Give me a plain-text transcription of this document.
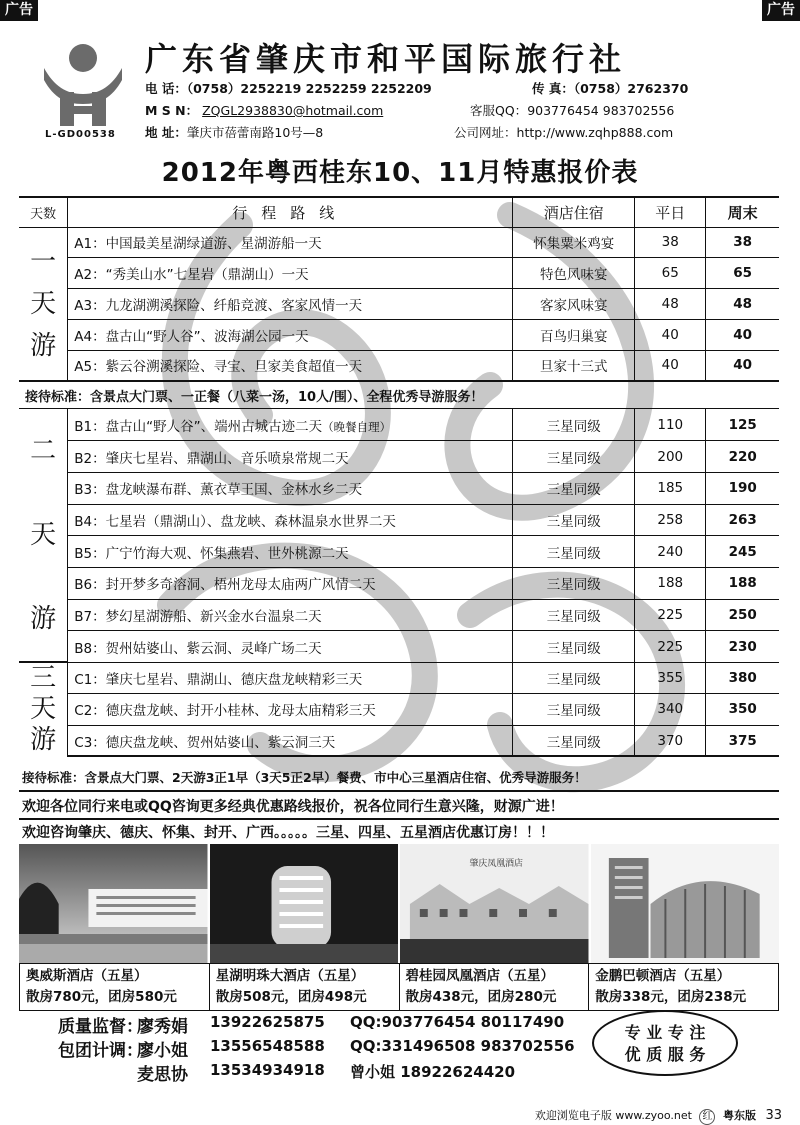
广告	广告
L-GD00538
广东省肇庆市和平国际旅行社
电 话：（0758）2252219 2252259 2252209	传 真：（0758）2762370
M S N： ZQGL2938830@hotmail.com	客服QQ：903776454 983702556
地 址：肇庆市蓓蕾南路10号—8	公司网址：http://www.zqhp888.com
2012年粤西桂东10、11月特惠报价表
天数	行程路线	酒店住宿	平日	周末
一
天
游	A1：中国最美星湖绿道游、星湖游船一天	怀集粟米鸡宴	38	38
	A2：“秀美山水”七星岩（鼎湖山）一天	特色风味宴	65	65
	A3：九龙湖溯溪探险、纤船竞渡、客家风情一天	客家风味宴	48	48
	A4：盘古山“野人谷”、波海湖公园一天	百鸟归巢宴	40	40
	A5：紫云谷溯溪探险、寻宝、旦家美食超值一天	旦家十三式	40	40
接待标准：含景点大门票、一正餐（八菜一汤，10人/围）、全程优秀导游服务！				
二
天
游	B1：盘古山“野人谷”、端州古城古迹二天（晚餐自理）	三星同级	110	125
	B2：肇庆七星岩、鼎湖山、音乐喷泉常规二天	三星同级	200	220
	B3：盘龙峡瀑布群、薰衣草王国、金林水乡二天	三星同级	185	190
	B4：七星岩（鼎湖山）、盘龙峡、森林温泉水世界二天	三星同级	258	263
	B5：广宁竹海大观、怀集燕岩、世外桃源二天	三星同级	240	245
	B6：封开梦多奇溶洞、梧州龙母太庙两广风情二天	三星同级	188	188
	B7：梦幻星湖游船、新兴金水台温泉二天	三星同级	225	250
	B8：贺州姑婆山、紫云洞、灵峰广场二天	三星同级	225	230
三
天
游	C1：肇庆七星岩、鼎湖山、德庆盘龙峡精彩三天	三星同级	355	380
	C2：德庆盘龙峡、封开小桂林、龙母太庙精彩三天	三星同级	340	350
	C3：德庆盘龙峡、贺州姑婆山、紫云洞三天	三星同级	370	375
接待标准：含景点大门票、2天游3正1早（3天5正2早）餐费、市中心三星酒店住宿、优秀导游服务！
欢迎各位同行来电或QQ咨询更多经典优惠路线报价，祝各位同行生意兴隆，财源广进！
欢迎咨询肇庆、德庆、怀集、封开、广西。。。。。三星、四星、五星酒店优惠订房！！！
肇庆凤凰酒店
奥威斯酒店（五星）
散房780元，团房580元
星湖明珠大酒店（五星）
散房508元，团房498元
碧桂园凤凰酒店（五星）
散房438元，团房280元
金鹏巴顿酒店（五星）
散房338元，团房238元
质量监督：
廖秀娟 13922625875 QQ:903776454 80117490
包团计调：
廖小姐 13556548588 QQ:331496508 983702556
麦思协 13534934918 曾小姐 18922624420
专 业 专 注
优 质 服 务
欢迎浏览电子版 www.zyoo.net 红 粤东版 33
